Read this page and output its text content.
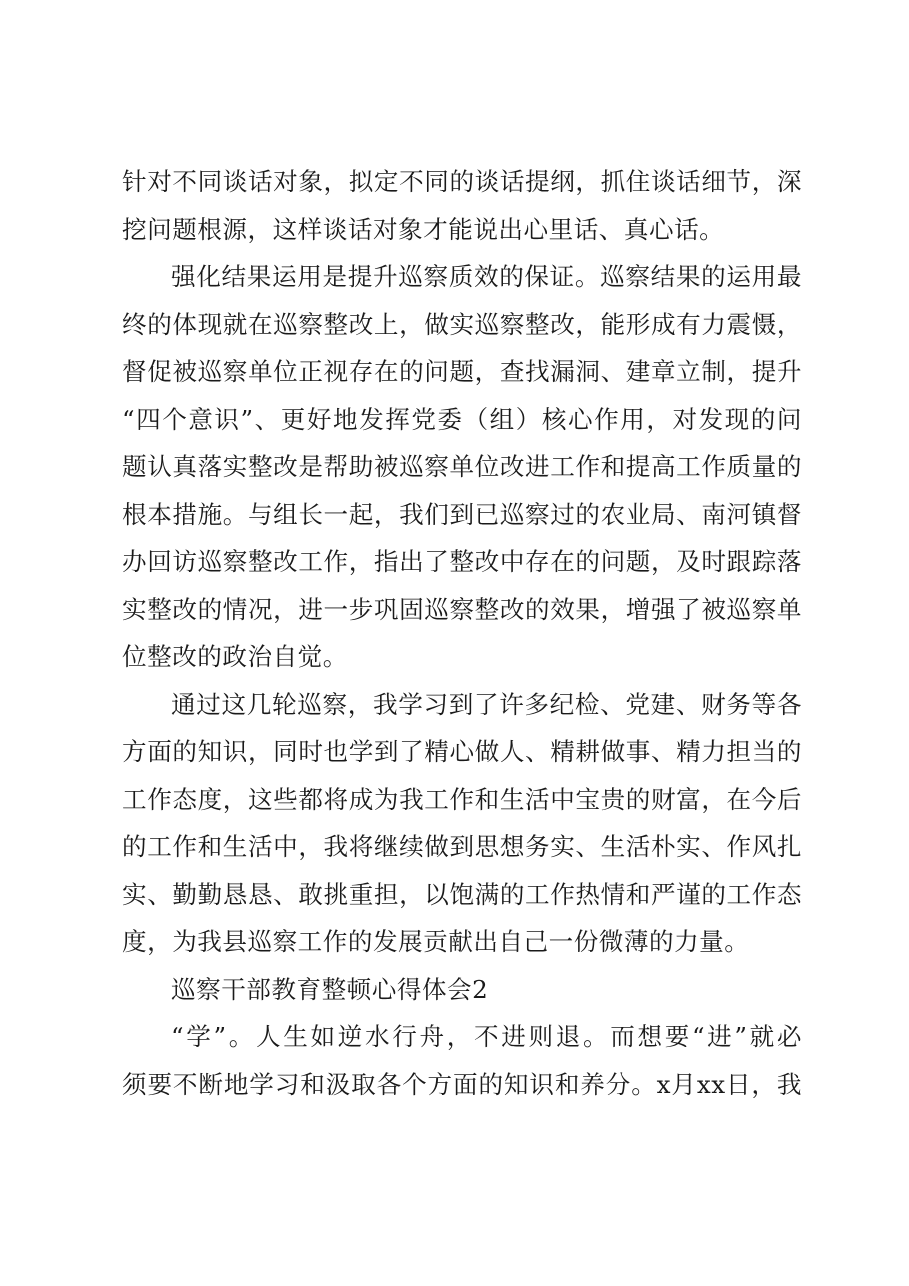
针对不同谈话对象，拟定不同的谈话提纲，抓住谈话细节，深
挖问题根源，这样谈话对象才能说出心里话、真心话。
强化结果运用是提升巡察质效的保证。巡察结果的运用最
终的体现就在巡察整改上，做实巡察整改，能形成有力震慑，
督促被巡察单位正视存在的问题，查找漏洞、建章立制，提升
“四个意识”、更好地发挥党委（组）核心作用，对发现的问
题认真落实整改是帮助被巡察单位改进工作和提高工作质量的
根本措施。与组长一起，我们到已巡察过的农业局、南河镇督
办回访巡察整改工作，指出了整改中存在的问题，及时跟踪落
实整改的情况，进一步巩固巡察整改的效果，增强了被巡察单
位整改的政治自觉。
通过这几轮巡察，我学习到了许多纪检、党建、财务等各
方面的知识，同时也学到了精心做人、精耕做事、精力担当的
工作态度，这些都将成为我工作和生活中宝贵的财富，在今后
的工作和生活中，我将继续做到思想务实、生活朴实、作风扎
实、勤勤恳恳、敢挑重担，以饱满的工作热情和严谨的工作态
度，为我县巡察工作的发展贡献出自己一份微薄的力量。
巡察干部教育整顿心得体会2
“学”。人生如逆水行舟，不进则退。而想要“进”就必
须要不断地学习和汲取各个方面的知识和养分。x月xx日，我
